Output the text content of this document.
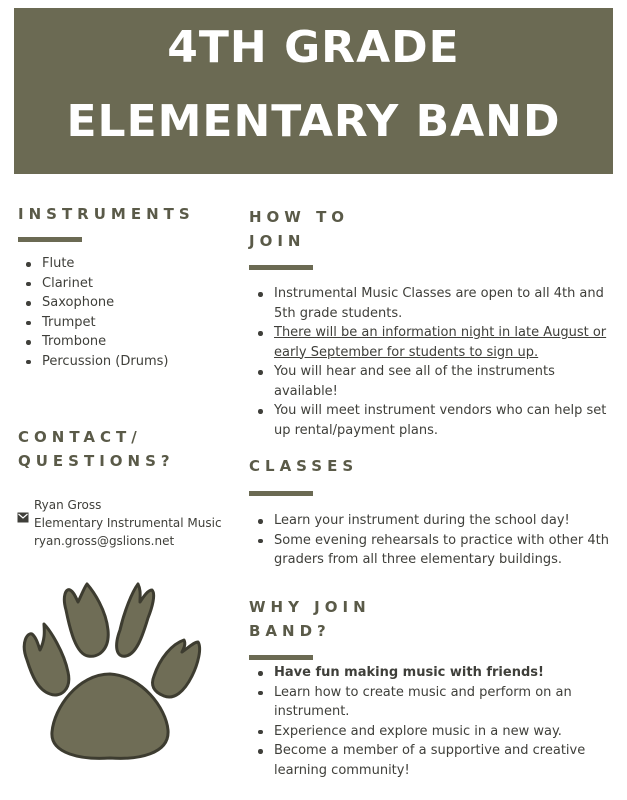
4TH GRADE
ELEMENTARY BAND
INSTRUMENTS
Flute
Clarinet
Saxophone
Trumpet
Trombone
Percussion (Drums)
CONTACT/
QUESTIONS?
Ryan Gross
Elementary Instrumental Music
ryan.gross@gslions.net
HOW TO
JOIN
Instrumental Music Classes are open to all 4th and 5th grade students.
There will be an information night in late August or early September for students to sign up.
You will hear and see all of the instruments available!
You will meet instrument vendors who can help set up rental/payment plans.
CLASSES
Learn your instrument during the school day!
Some evening rehearsals to practice with other 4th graders from all three elementary buildings.
WHY JOIN
BAND?
Have fun making music with friends!
Learn how to create music and perform on an instrument.
Experience and explore music in a new way.
Become a member of a supportive and creative learning community!
